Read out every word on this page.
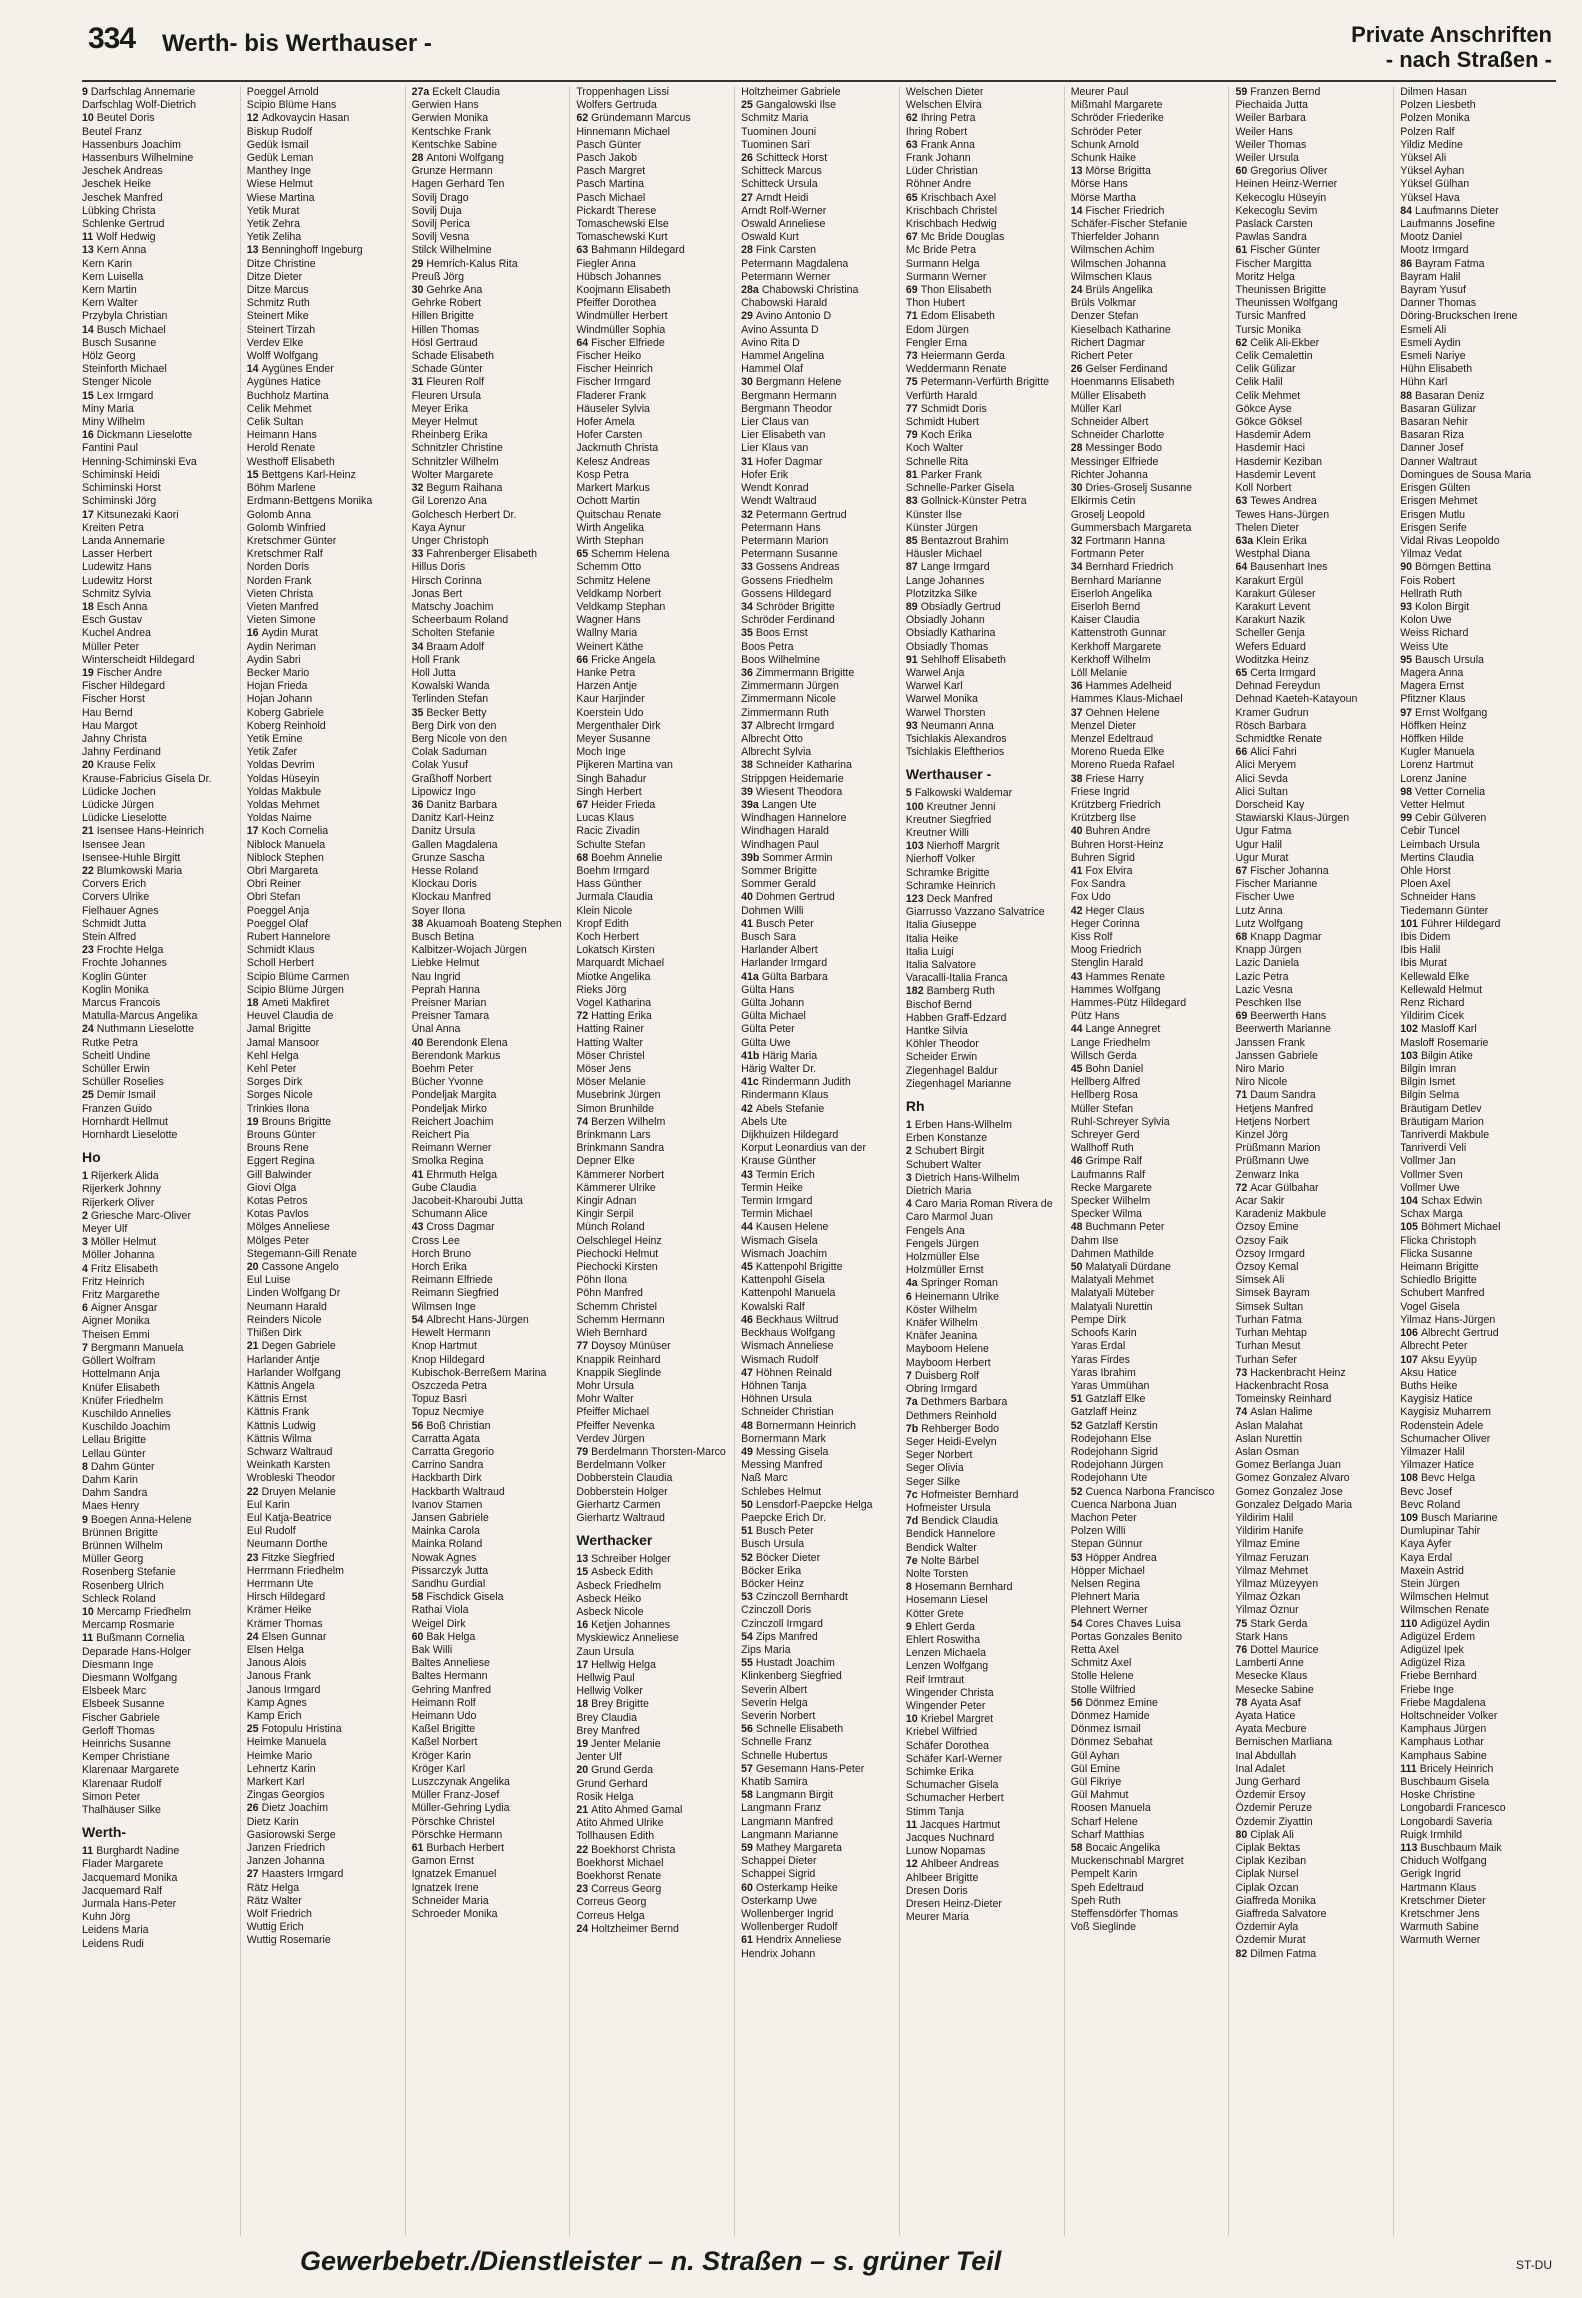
334 Werth- bis Werthauser -	Private Anschriften
- nach Straßen -
9 Darfschlag Annemarie
Darfschlag Wolf-Dietrich
10 Beutel Doris
Beutel Franz
Hassenburs Joachim
Hassenburs Wilhelmine
Jeschek Andreas
Jeschek Heike
Jeschek Manfred
Lübking Christa
Schlenke Gertrud
11 Wolf Hedwig
13 Kern Anna
Kern Karin
Kern Luisella
Kern Martin
Kern Walter
Przybyla Christian
14 Busch Michael
Busch Susanne
Hölz Georg
Steinforth Michael
Stenger Nicole
15 Lex Irmgard
Miny Maria
Miny Wilhelm
16 Dickmann Lieselotte
Fantini Paul
Henning-Schiminski Eva
Schiminski Heidi
Schiminski Horst
Schiminski Jörg
17 Kitsunezaki Kaori
Kreiten Petra
Landa Annemarie
Lasser Herbert
Ludewitz Hans
Ludewitz Horst
Schmitz Sylvia
18 Esch Anna
Esch Gustav
Kuchel Andrea
Müller Peter
Winterscheidt Hildegard
19 Fischer Andre
Fischer Hildegard
Fischer Horst
Hau Bernd
Hau Margot
Jahny Christa
Jahny Ferdinand
20 Krause Felix
Krause-Fabricius Gisela Dr.
Lüdicke Jochen
Lüdicke Jürgen
Lüdicke Lieselotte
21 Isensee Hans-Heinrich
Isensee Jean
Isensee-Huhle Birgitt
22 Blumkowski Maria
Corvers Erich
Corvers Ulrike
Fielhauer Agnes
Schmidt Jutta
Stein Alfred
23 Frochte Helga
Frochte Johannes
Koglin Günter
Koglin Monika
Marcus Francois
Matulla-Marcus Angelika
24 Nuthmann Lieselotte
Rutke Petra
Scheitl Undine
Schüller Erwin
Schüller Roselies
25 Demir Ismail
Franzen Guido
Hornhardt Hellmut
Hornhardt Lieselotte
Ho
1 Rijerkerk Alida
Rijerkerk Johnny
Rijerkerk Oliver
2 Griesche Marc-Oliver
Meyer Ulf
3 Möller Helmut
Möller Johanna
4 Fritz Elisabeth
Fritz Heinrich
Fritz Margarethe
6 Aigner Ansgar
Aigner Monika
Theisen Emmi
7 Bergmann Manuela
Göllert Wolfram
Hottelmann Anja
Knüfer Elisabeth
Knüfer Friedhelm
Kuschildo Annelies
Kuschildo Joachim
Lellau Brigitte
Lellau Günter
8 Dahm Günter
Dahm Karin
Dahm Sandra
Maes Henry
9 Boegen Anna-Helene
Brünnen Brigitte
Brünnen Wilhelm
Müller Georg
Rosenberg Stefanie
Rosenberg Ulrich
Schleck Roland
10 Mercamp Friedhelm
Mercamp Rosmarie
11 Bußmann Cornelia
Deparade Hans-Holger
Diesmann Inge
Diesmann Wolfgang
Elsbeek Marc
Elsbeek Susanne
Fischer Gabriele
Gerloff Thomas
Heinrichs Susanne
Kemper Christiane
Klarenaar Margarete
Klarenaar Rudolf
Simon Peter
Thalhäuser Silke
Werth-
11 Burghardt Nadine
Flader Margarete
Jacquemard Monika
Jacquemard Ralf
Jurmala Hans-Peter
Kuhn Jörg
Leidens Maria
Leidens Rudi
Poeggel Arnold
Scipio Blüme Hans
12 Adkovaycin Hasan
Biskup Rudolf
Gedük Ismail
Gedük Leman
Manthey Inge
Wiese Helmut
Wiese Martina
Yetik Murat
Yetik Zehra
Yetik Zeliha
13 Benninghoff Ingeburg
Ditze Christine
Ditze Dieter
Ditze Marcus
Schmitz Ruth
Steinert Mike
Steinert Tirzah
Verdev Elke
Wolff Wolfgang
14 Aygünes Ender
Aygünes Hatice
Buchholz Martina
Celik Mehmet
Celik Sultan
Heimann Hans
Herold Renate
Westhoff Elisabeth
15 Bettgens Karl-Heinz
Böhm Marlene
Erdmann-Bettgens Monika
Golomb Anna
Golomb Winfried
Kretschmer Günter
Kretschmer Ralf
Norden Doris
Norden Frank
Vieten Christa
Vieten Manfred
Vieten Simone
16 Aydin Murat
Aydin Neriman
Aydin Sabri
Becker Mario
Hojan Frieda
Hojan Johann
Koberg Gabriele
Koberg Reinhold
Yetik Emine
Yetik Zafer
Yoldas Devrim
Yoldas Hüseyin
Yoldas Makbule
Yoldas Mehmet
Yoldas Naime
17 Koch Cornelia
Niblock Manuela
Niblock Stephen
Obri Margareta
Obri Reiner
Obri Stefan
Poeggel Anja
Poeggel Olaf
Rubert Hannelore
Schmidt Klaus
Scholl Herbert
Scipio Blüme Carmen
Scipio Blüme Jürgen
18 Ameti Makfiret
Heuvel Claudia de
Jamal Brigitte
Jamal Mansoor
Kehl Helga
Kehl Peter
Sorges Dirk
Sorges Nicole
Trinkies Ilona
19 Brouns Brigitte
Brouns Günter
Brouns Rene
Eggert Regina
Gill Balwinder
Giovi Olga
Kotas Petros
Kotas Pavlos
Mölges Anneliese
Mölges Peter
Stegemann-Gill Renate
20 Cassone Angelo
Eul Luise
Linden Wolfgang Dr
Neumann Harald
Reinders Nicole
Thißen Dirk
21 Degen Gabriele
Harlander Antje
Harlander Wolfgang
Kättnis Angela
Kättnis Ernst
Kättnis Frank
Kättnis Ludwig
Kättnis Wilma
Schwarz Waltraud
Weinkath Karsten
Wrobleski Theodor
22 Druyen Melanie
Eul Karin
Eul Katja-Beatrice
Eul Rudolf
Neumann Dorthe
23 Fitzke Siegfried
Herrmann Friedhelm
Herrmann Ute
Hirsch Hildegard
Krämer Heike
Krämer Thomas
24 Elsen Gunnar
Elsen Helga
Janous Alois
Janous Frank
Janous Irmgard
Kamp Agnes
Kamp Erich
25 Fotopulu Hristina
Heimke Manuela
Heimke Mario
Lehnertz Karin
Markert Karl
Zingas Georgios
26 Dietz Joachim
Dietz Karin
Gasiorowski Serge
Janzen Friedrich
Janzen Johanna
27 Haasters Irmgard
Rätz Helga
Rätz Walter
Wolf Friedrich
Wuttig Erich
Wuttig Rosemarie
27a Eckelt Claudia
Gerwien Hans
Gerwien Monika
Kentschke Frank
Kentschke Sabine
28 Antoni Wolfgang
Grunze Hermann
Hagen Gerhard Ten
Sovilj Drago
Sovilj Duja
Sovilj Perica
Sovilj Vesna
Stilck Wilhelmine
29 Hemrich-Kalus Rita
Preuß Jörg
30 Gehrke Ana
Gehrke Robert
Hillen Brigitte
Hillen Thomas
Hösl Gertraud
Schade Elisabeth
Schade Günter
31 Fleuren Rolf
Fleuren Ursula
Meyer Erika
Meyer Helmut
Rheinberg Erika
Schnitzler Christine
Schnitzler Wilhelm
Wolter Margarete
32 Begum Raihana
Gil Lorenzo Ana
Golchesch Herbert Dr.
Kaya Aynur
Unger Christoph
33 Fahrenberger Elisabeth
Hillus Doris
Hirsch Corinna
Jonas Bert
Matschy Joachim
Scheerbaum Roland
Scholten Stefanie
34 Braam Adolf
Holl Frank
Holl Jutta
Kowalski Wanda
Terlinden Stefan
35 Becker Betty
Berg Dirk von den
Berg Nicole von den
Colak Saduman
Colak Yusuf
Graßhoff Norbert
Lipowicz Ingo
36 Danitz Barbara
Danitz Karl-Heinz
Danitz Ursula
Gallen Magdalena
Grunze Sascha
Hesse Roland
Klockau Doris
Klockau Manfred
Soyer Ilona
38 Akuamoah Boateng Stephen
Busch Betina
Kalbitzer-Wojach Jürgen
Liebke Helmut
Nau Ingrid
Peprah Hanna
Preisner Marian
Preisner Tamara
Ünal Anna
40 Berendonk Elena
Berendonk Markus
Boehm Peter
Bücher Yvonne
Pondeljak Margita
Pondeljak Mirko
Reichert Joachim
Reichert Pia
Reimann Werner
Smolka Regina
41 Ehrmuth Helga
Gube Claudia
Jacobeit-Kharoubi Jutta
Schumann Alice
43 Cross Dagmar
Cross Lee
Horch Bruno
Horch Erika
Reimann Elfriede
Reimann Siegfried
Wilmsen Inge
54 Albrecht Hans-Jürgen
Hewelt Hermann
Knop Hartmut
Knop Hildegard
Kubischok-Berreßem Marina
Oszczeda Petra
Topuz Basri
Topuz Necmiye
56 Boß Christian
Carratta Agata
Carratta Gregorio
Carrino Sandra
Hackbarth Dirk
Hackbarth Waltraud
Ivanov Stamen
Jansen Gabriele
Mainka Carola
Mainka Roland
Nowak Agnes
Pissarczyk Jutta
Sandhu Gurdial
58 Fischdick Gisela
Rathai Viola
Weigel Dirk
60 Bak Helga
Bak Willi
Baltes Anneliese
Baltes Hermann
Gehring Manfred
Heimann Rolf
Heimann Udo
Kaßel Brigitte
Kaßel Norbert
Kröger Karin
Kröger Karl
Luszczynak Angelika
Müller Franz-Josef
Müller-Gehring Lydia
Pörschke Christel
Pörschke Hermann
61 Burbach Herbert
Gamon Ernst
Ignatzek Emanuel
Ignatzek Irene
Schneider Maria
Schroeder Monika
Troppenhagen Lissi
Wolfers Gertruda
62 Gründemann Marcus
Hinnemann Michael
Pasch Günter
Pasch Jakob
Pasch Margret
Pasch Martina
Pasch Michael
Pickardt Therese
Tomaschewski Else
Tomaschewski Kurt
63 Bahmann Hildegard
Fiegler Anna
Hübsch Johannes
Koojmann Elisabeth
Pfeiffer Dorothea
Windmüller Herbert
Windmüller Sophia
64 Fischer Elfriede
Fischer Heiko
Fischer Heinrich
Fischer Irmgard
Fladerer Frank
Häuseler Sylvia
Hofer Amela
Hofer Carsten
Jackmuth Christa
Kelesz Andreas
Kosp Petra
Markert Markus
Ochott Martin
Quitschau Renate
Wirth Angelika
Wirth Stephan
65 Schemm Helena
Schemm Otto
Schmitz Helene
Veldkamp Norbert
Veldkamp Stephan
Wagner Hans
Wallny Maria
Weinert Käthe
66 Fricke Angela
Hanke Petra
Harzen Antje
Kaur Harjinder
Koerstein Udo
Mergenthaler Dirk
Meyer Susanne
Moch Inge
Pijkeren Martina van
Singh Bahadur
Singh Herbert
67 Heider Frieda
Lucas Klaus
Racic Zivadin
Schulte Stefan
68 Boehm Annelie
Boehm Irmgard
Hass Günther
Jurmala Claudia
Klein Nicole
Kropf Edith
Koch Herbert
Lokatsch Kirsten
Marquardt Michael
Miotke Angelika
Rieks Jörg
Vogel Katharina
72 Hatting Erika
Hatting Rainer
Hatting Walter
Möser Christel
Möser Jens
Möser Melanie
Musebrink Jürgen
Simon Brunhilde
74 Berzen Wilhelm
Brinkmann Lars
Brinkmann Sandra
Depner Elke
Kämmerer Norbert
Kämmerer Ulrike
Kingir Adnan
Kingir Serpil
Münch Roland
Oelschlegel Heinz
Piechocki Helmut
Piechocki Kirsten
Pöhn Ilona
Pöhn Manfred
Schemm Christel
Schemm Hermann
Wieh Bernhard
77 Doysoy Münüser
Knappik Reinhard
Knappik Sieglinde
Mohr Ursula
Mohr Walter
Pfeiffer Michael
Pfeiffer Nevenka
Verdev Jürgen
79 Berdelmann Thorsten-Marco
Berdelmann Volker
Dobberstein Claudia
Dobberstein Holger
Gierhartz Carmen
Gierhartz Waltraud
Werthacker
13 Schreiber Holger
15 Asbeck Edith
Asbeck Friedhelm
Asbeck Heiko
Asbeck Nicole
16 Ketjen Johannes
Myskiewicz Anneliese
Zaun Ursula
17 Hellwig Helga
Hellwig Paul
Hellwig Volker
18 Brey Brigitte
Brey Claudia
Brey Manfred
19 Jenter Melanie
Jenter Ulf
20 Grund Gerda
Grund Gerhard
Rosik Helga
21 Atito Ahmed Gamal
Atito Ahmed Ulrike
Tollhausen Edith
22 Boekhorst Christa
Boekhorst Michael
Boekhorst Renate
23 Correus Georg
Correus Georg
Correus Helga
24 Holtzheimer Bernd
Holtzheimer Gabriele
25 Gangalowski Ilse
Schmitz Maria
Tuominen Jouni
Tuominen Sari
26 Schitteck Horst
Schitteck Marcus
Schitteck Ursula
27 Arndt Heidi
Arndt Rolf-Werner
Oswald Anneliese
Oswald Kurt
28 Fink Carsten
Petermann Magdalena
Petermann Werner
28a Chabowski Christina
Chabowski Harald
29 Avino Antonio D
Avino Assunta D
Avino Rita D
Hammel Angelina
Hammel Olaf
30 Bergmann Helene
Bergmann Hermann
Bergmann Theodor
Lier Claus van
Lier Elisabeth van
Lier Klaus van
31 Hofer Dagmar
Hofer Erik
Wendt Konrad
Wendt Waltraud
32 Petermann Gertrud
Petermann Hans
Petermann Marion
Petermann Susanne
33 Gossens Andreas
Gossens Friedhelm
Gossens Hildegard
34 Schröder Brigitte
Schröder Ferdinand
35 Boos Ernst
Boos Petra
Boos Wilhelmine
36 Zimmermann Brigitte
Zimmermann Jürgen
Zimmermann Nicole
Zimmermann Ruth
37 Albrecht Irmgard
Albrecht Otto
Albrecht Sylvia
38 Schneider Katharina
Strippgen Heidemarie
39 Wiesent Theodora
39a Langen Ute
Windhagen Hannelore
Windhagen Harald
Windhagen Paul
39b Sommer Armin
Sommer Brigitte
Sommer Gerald
40 Dohmen Gertrud
Dohmen Willi
41 Busch Peter
Busch Sara
Harlander Albert
Harlander Irmgard
41a Gülta Barbara
Gülta Hans
Gülta Johann
Gülta Michael
Gülta Peter
Gülta Uwe
41b Härig Maria
Härig Walter Dr.
41c Rindermann Judith
Rindermann Klaus
42 Abels Stefanie
Abels Ute
Dijkhuizen Hildegard
Korput Leonardius van der
Krause Günther
43 Termin Erich
Termin Heike
Termin Irmgard
Termin Michael
44 Kausen Helene
Wismach Gisela
Wismach Joachim
45 Kattenpohl Brigitte
Kattenpohl Gisela
Kattenpohl Manuela
Kowalski Ralf
46 Beckhaus Wiltrud
Beckhaus Wolfgang
Wismach Anneliese
Wismach Rudolf
47 Höhnen Reinald
Höhnen Tanja
Höhnen Ursula
Schneider Christian
48 Bornermann Heinrich
Bornermann Mark
49 Messing Gisela
Messing Manfred
Naß Marc
Schlebes Helmut
50 Lensdorf-Paepcke Helga
Paepcke Erich Dr.
51 Busch Peter
Busch Ursula
52 Böcker Dieter
Böcker Erika
Böcker Heinz
53 Czinczoll Bernhardt
Czinczoll Doris
Czinczoll Irmgard
54 Zips Manfred
Zips Maria
55 Hustadt Joachim
Klinkenberg Siegfried
Severin Albert
Severin Helga
Severin Norbert
56 Schnelle Elisabeth
Schnelle Franz
Schnelle Hubertus
57 Gesemann Hans-Peter
Khatib Samira
58 Langmann Birgit
Langmann Franz
Langmann Manfred
Langmann Marianne
59 Mathey Margareta
Schappei Dieter
Schappei Sigrid
60 Osterkamp Heike
Osterkamp Uwe
Wollenberger Ingrid
Wollenberger Rudolf
61 Hendrix Anneliese
Hendrix Johann
Welschen Dieter
Welschen Elvira
62 Ihring Petra
Ihring Robert
63 Frank Anna
Frank Johann
Lüder Christian
Röhner Andre
65 Krischbach Axel
Krischbach Christel
Krischbach Hedwig
67 Mc Bride Douglas
Mc Bride Petra
Surmann Helga
Surmann Werner
69 Thon Elisabeth
Thon Hubert
71 Edom Elisabeth
Edom Jürgen
Fengler Erna
73 Heiermann Gerda
Weddermann Renate
75 Petermann-Verfürth Brigitte
Verfürth Harald
77 Schmidt Doris
Schmidt Hubert
79 Koch Erika
Koch Walter
Schnelle Rita
81 Parker Frank
Schnelle-Parker Gisela
83 Gollnick-Künster Petra
Künster Ilse
Künster Jürgen
85 Bentazrout Brahim
Häusler Michael
87 Lange Irmgard
Lange Johannes
Plotzitzka Silke
89 Obsiadly Gertrud
Obsiadly Johann
Obsiadly Katharina
Obsiadly Thomas
91 Sehlhoff Elisabeth
Warwel Anja
Warwel Karl
Warwel Monika
Warwel Thorsten
93 Neumann Anna
Tsichlakis Alexandros
Tsichlakis Eleftherios
Werthauser -
5 Falkowski Waldemar
100 Kreutner Jenni
Kreutner Siegfried
Kreutner Willi
103 Nierhoff Margrit
Nierhoff Volker
Schramke Brigitte
Schramke Heinrich
123 Deck Manfred
Giarrusso Vazzano Salvatrice
Italia Giuseppe
Italia Heike
Italia Luigi
Italia Salvatore
Varacalli-Italia Franca
182 Bamberg Ruth
Bischof Bernd
Habben Graff-Edzard
Hantke Silvia
Köhler Theodor
Scheider Erwin
Ziegenhagel Baldur
Ziegenhagel Marianne
Rh
1 Erben Hans-Wilhelm
Erben Konstanze
2 Schubert Birgit
Schubert Walter
3 Dietrich Hans-Wilhelm
Dietrich Maria
4 Caro Maria Roman Rivera de
Caro Marmol Juan
Fengels Ana
Fengels Jürgen
Holzmüller Else
Holzmüller Ernst
4a Springer Roman
6 Heinemann Ulrike
Köster Wilhelm
Knäfer Wilhelm
Knäfer Jeanina
Mayboom Helene
Mayboom Herbert
7 Duisberg Rolf
Obring Irmgard
7a Dethmers Barbara
Dethmers Reinhold
7b Rehberger Bodo
Seger Heidi-Evelyn
Seger Norbert
Seger Olivia
Seger Silke
7c Hofmeister Bernhard
Hofmeister Ursula
7d Bendick Claudia
Bendick Hannelore
Bendick Walter
7e Nolte Bärbel
Nolte Torsten
8 Hosemann Bernhard
Hosemann Liesel
Kötter Grete
9 Ehlert Gerda
Ehlert Roswitha
Lenzen Michaela
Lenzen Wolfgang
Reif Irmtraut
Wingender Christa
Wingender Peter
10 Kriebel Margret
Kriebel Wilfried
Schäfer Dorothea
Schäfer Karl-Werner
Schimke Erika
Schumacher Gisela
Schumacher Herbert
Stimm Tanja
11 Jacques Hartmut
Jacques Nuchnard
Lunow Nopamas
12 Ahlbeer Andreas
Ahlbeer Brigitte
Dresen Doris
Dresen Heinz-Dieter
Meurer Maria
Meurer Paul
Mißmahl Margarete
Schröder Friederike
Schröder Peter
Schunk Arnold
Schunk Haike
13 Mörse Brigitta
Mörse Hans
Mörse Martha
14 Fischer Friedrich
Schäfer-Fischer Stefanie
Thierfelder Johann
Wilmschen Achim
Wilmschen Johanna
Wilmschen Klaus
24 Brüls Angelika
Brüls Volkmar
Denzer Stefan
Kieselbach Katharine
Richert Dagmar
Richert Peter
26 Gelser Ferdinand
Hoenmanns Elisabeth
Müller Elisabeth
Müller Karl
Schneider Albert
Schneider Charlotte
28 Messinger Bodo
Messinger Elfriede
Richter Johanna
30 Dries-Groselj Susanne
Elkirmis Cetin
Groselj Leopold
Gummersbach Margareta
32 Fortmann Hanna
Fortmann Peter
34 Bernhard Friedrich
Bernhard Marianne
Eiserloh Angelika
Eiserloh Bernd
Kaiser Claudia
Kattenstroth Gunnar
Kerkhoff Margarete
Kerkhoff Wilhelm
Löll Melanie
36 Hammes Adelheid
Hammes Klaus-Michael
37 Oehnen Helene
Menzel Dieter
Menzel Edeltraud
Moreno Rueda Elke
Moreno Rueda Rafael
38 Friese Harry
Friese Ingrid
Krützberg Friedrich
Krützberg Ilse
40 Buhren Andre
Buhren Horst-Heinz
Buhren Sigrid
41 Fox Elvira
Fox Sandra
Fox Udo
42 Heger Claus
Heger Corinna
Kiss Rolf
Moog Friedrich
Stenglin Harald
43 Hammes Renate
Hammes Wolfgang
Hammes-Pütz Hildegard
Pütz Hans
44 Lange Annegret
Lange Friedhelm
Willsch Gerda
45 Bohn Daniel
Hellberg Alfred
Hellberg Rosa
Müller Stefan
Ruhl-Schreyer Sylvia
Schreyer Gerd
Wallhoff Ruth
46 Grimpe Ralf
Laufmanns Ralf
Recke Margarete
Specker Wilhelm
Specker Wilma
48 Buchmann Peter
Dahm Ilse
Dahmen Mathilde
50 Malatyali Dürdane
Malatyali Mehmet
Malatyali Müteber
Malatyali Nurettin
Pempe Dirk
Schoofs Karin
Yaras Erdal
Yaras Firdes
Yaras Ibrahim
Yaras Ümmühan
51 Gatzlaff Elke
Gatzlaff Heinz
52 Gatzlaff Kerstin
Rodejohann Else
Rodejohann Sigrid
Rodejohann Jürgen
Rodejohann Ute
52 Cuenca Narbona Francisco
Cuenca Narbona Juan
Machon Peter
Polzen Willi
Stepan Günnur
53 Höpper Andrea
Höpper Michael
Nelsen Regina
Plehnert Maria
Plehnert Werner
54 Cores Chaves Luisa
Portas Gonzales Benito
Retta Axel
Schmitz Axel
Stolle Helene
Stolle Wilfried
56 Dönmez Emine
Dönmez Hamide
Dönmez Ismail
Dönmez Sebahat
Gül Ayhan
Gül Emine
Gül Fikriye
Gül Mahmut
Roosen Manuela
Scharf Helene
Scharf Matthias
58 Bocaic Angelika
Muckenschnabl Margret
Pempelt Karin
Speh Edeltraud
Speh Ruth
Steffensdörfer Thomas
Voß Sieglinde
59 Franzen Bernd
Piechaida Jutta
Weiler Barbara
Weiler Hans
Weiler Thomas
Weiler Ursula
60 Gregorius Oliver
Heinen Heinz-Werner
Kekecoglu Hüseyin
Kekecoglu Sevim
Paslack Carsten
Pawlas Sandra
61 Fischer Günter
Fischer Margitta
Moritz Helga
Theunissen Brigitte
Theunissen Wolfgang
Tursic Manfred
Tursic Monika
62 Celik Ali-Ekber
Celik Cemalettin
Celik Gülizar
Celik Halil
Celik Mehmet
Gökce Ayse
Gökce Göksel
Hasdemir Adem
Hasdemir Haci
Hasdemir Keziban
Hasdemir Levent
Koll Norbert
63 Tewes Andrea
Tewes Hans-Jürgen
Thelen Dieter
63a Klein Erika
Westphal Diana
64 Bausenhart Ines
Karakurt Ergül
Karakurt Güleser
Karakurt Levent
Karakurt Nazik
Scheller Genja
Wefers Eduard
Woditzka Heinz
65 Certa Irmgard
Dehnad Fereydun
Dehnad Kaeteh-Katayoun
Kramer Gudrun
Rösch Barbara
Schmidtke Renate
66 Alici Fahri
Alici Meryem
Alici Sevda
Alici Sultan
Dorscheid Kay
Stawiarski Klaus-Jürgen
Ugur Fatma
Ugur Halil
Ugur Murat
67 Fischer Johanna
Fischer Marianne
Fischer Uwe
Lutz Anna
Lutz Wolfgang
68 Knapp Dagmar
Knapp Jürgen
Lazic Daniela
Lazic Petra
Lazic Vesna
Peschken Ilse
69 Beerwerth Hans
Beerwerth Marianne
Janssen Frank
Janssen Gabriele
Niro Mario
Niro Nicole
71 Daum Sandra
Hetjens Manfred
Hetjens Norbert
Kinzel Jörg
Prüßmann Marion
Prüßmann Uwe
Zenwarz Inka
72 Acar Gülbahar
Acar Sakir
Karadeniz Makbule
Özsoy Emine
Özsoy Faik
Özsoy Irmgard
Özsoy Kemal
Simsek Ali
Simsek Bayram
Simsek Sultan
Turhan Fatma
Turhan Mehtap
Turhan Mesut
Turhan Sefer
73 Hackenbracht Heinz
Hackenbracht Rosa
Tomeinsky Reinhard
74 Aslan Halime
Aslan Malahat
Aslan Nurettin
Aslan Osman
Gomez Berlanga Juan
Gomez Gonzalez Alvaro
Gomez Gonzalez Jose
Gonzalez Delgado Maria
Yildirim Halil
Yildirim Hanife
Yilmaz Emine
Yilmaz Feruzan
Yilmaz Mehmet
Yilmaz Müzeyyen
Yilmaz Özkan
Yilmaz Öznur
75 Stark Gerda
Stark Hans
76 Dottel Maurice
Lamberti Anne
Mesecke Klaus
Mesecke Sabine
78 Ayata Asaf
Ayata Hatice
Ayata Mecbure
Bernischen Marliana
Inal Abdullah
Inal Adalet
Jung Gerhard
Özdemir Ersoy
Özdemir Peruze
Özdemir Ziyattin
80 Ciplak Ali
Ciplak Bektas
Ciplak Keziban
Ciplak Nursel
Ciplak Ozcan
Giaffreda Monika
Giaffreda Salvatore
Özdemir Ayla
Özdemir Murat
82 Dilmen Fatma
Dilmen Hasan
Polzen Liesbeth
Polzen Monika
Polzen Ralf
Yildiz Medine
Yüksel Ali
Yüksel Ayhan
Yüksel Gülhan
Yüksel Hava
84 Laufmanns Dieter
Laufmanns Josefine
Mootz Daniel
Mootz Irmgard
86 Bayram Fatma
Bayram Halil
Bayram Yusuf
Danner Thomas
Döring-Bruckschen Irene
Esmeli Ali
Esmeli Aydin
Esmeli Nariye
Hühn Elisabeth
Hühn Karl
88 Basaran Deniz
Basaran Gülizar
Basaran Nehir
Basaran Riza
Danner Josef
Danner Waltraut
Domingues de Sousa Maria
Erisgen Gülten
Erisgen Mehmet
Erisgen Mutlu
Erisgen Serife
Vidal Rivas Leopoldo
Yilmaz Vedat
90 Börngen Bettina
Fois Robert
Hellrath Ruth
93 Kolon Birgit
Kolon Uwe
Weiss Richard
Weiss Ute
95 Bausch Ursula
Magera Anna
Magera Ernst
Pfitzner Klaus
97 Ernst Wolfgang
Höffken Heinz
Höffken Hilde
Kugler Manuela
Lorenz Hartmut
Lorenz Janine
98 Vetter Cornelia
Vetter Helmut
99 Cebir Gülveren
Cebir Tuncel
Leimbach Ursula
Mertins Claudia
Ohle Horst
Ploen Axel
Schneider Hans
Tiedemann Günter
101 Führer Hildegard
Ibis Didem
Ibis Halil
Ibis Murat
Kellewald Elke
Kellewald Helmut
Renz Richard
Yildirim Cicek
102 Masloff Karl
Masloff Rosemarie
103 Bilgin Atike
Bilgin Imran
Bilgin Ismet
Bilgin Selma
Bräutigam Detlev
Bräutigam Marion
Tanriverdi Makbule
Tanriverdi Veli
Vollmer Jan
Vollmer Sven
Vollmer Uwe
104 Schax Edwin
Schax Marga
105 Böhmert Michael
Flicka Christoph
Flicka Susanne
Heimann Brigitte
Schiedlo Brigitte
Schubert Manfred
Vogel Gisela
Yilmaz Hans-Jürgen
106 Albrecht Gertrud
Albrecht Peter
107 Aksu Eyyüp
Aksu Hatice
Buths Heike
Kaygisiz Hatice
Kaygisiz Muharrem
Rodenstein Adele
Schumacher Oliver
Yilmazer Halil
Yilmazer Hatice
108 Bevc Helga
Bevc Josef
Bevc Roland
109 Busch Marianne
Dumlupinar Tahir
Kaya Ayfer
Kaya Erdal
Maxein Astrid
Stein Jürgen
Wilmschen Helmut
Wilmschen Renate
110 Adigüzel Aydin
Adigüzel Erdem
Adigüzel Ipek
Adigüzel Riza
Friebe Bernhard
Friebe Inge
Friebe Magdalena
Holtschneider Volker
Kamphaus Jürgen
Kamphaus Lothar
Kamphaus Sabine
111 Bricely Heinrich
Buschbaum Gisela
Hoske Christine
Longobardi Francesco
Longobardi Saveria
Ruigk Irmhild
113 Buschbaum Maik
Chiduch Wolfgang
Gerigk Ingrid
Hartmann Klaus
Kretschmer Dieter
Kretschmer Jens
Warmuth Sabine
Warmuth Werner
Gewerbebetr./Dienstleister – n. Straßen – s. grüner Teil	ST-DU
